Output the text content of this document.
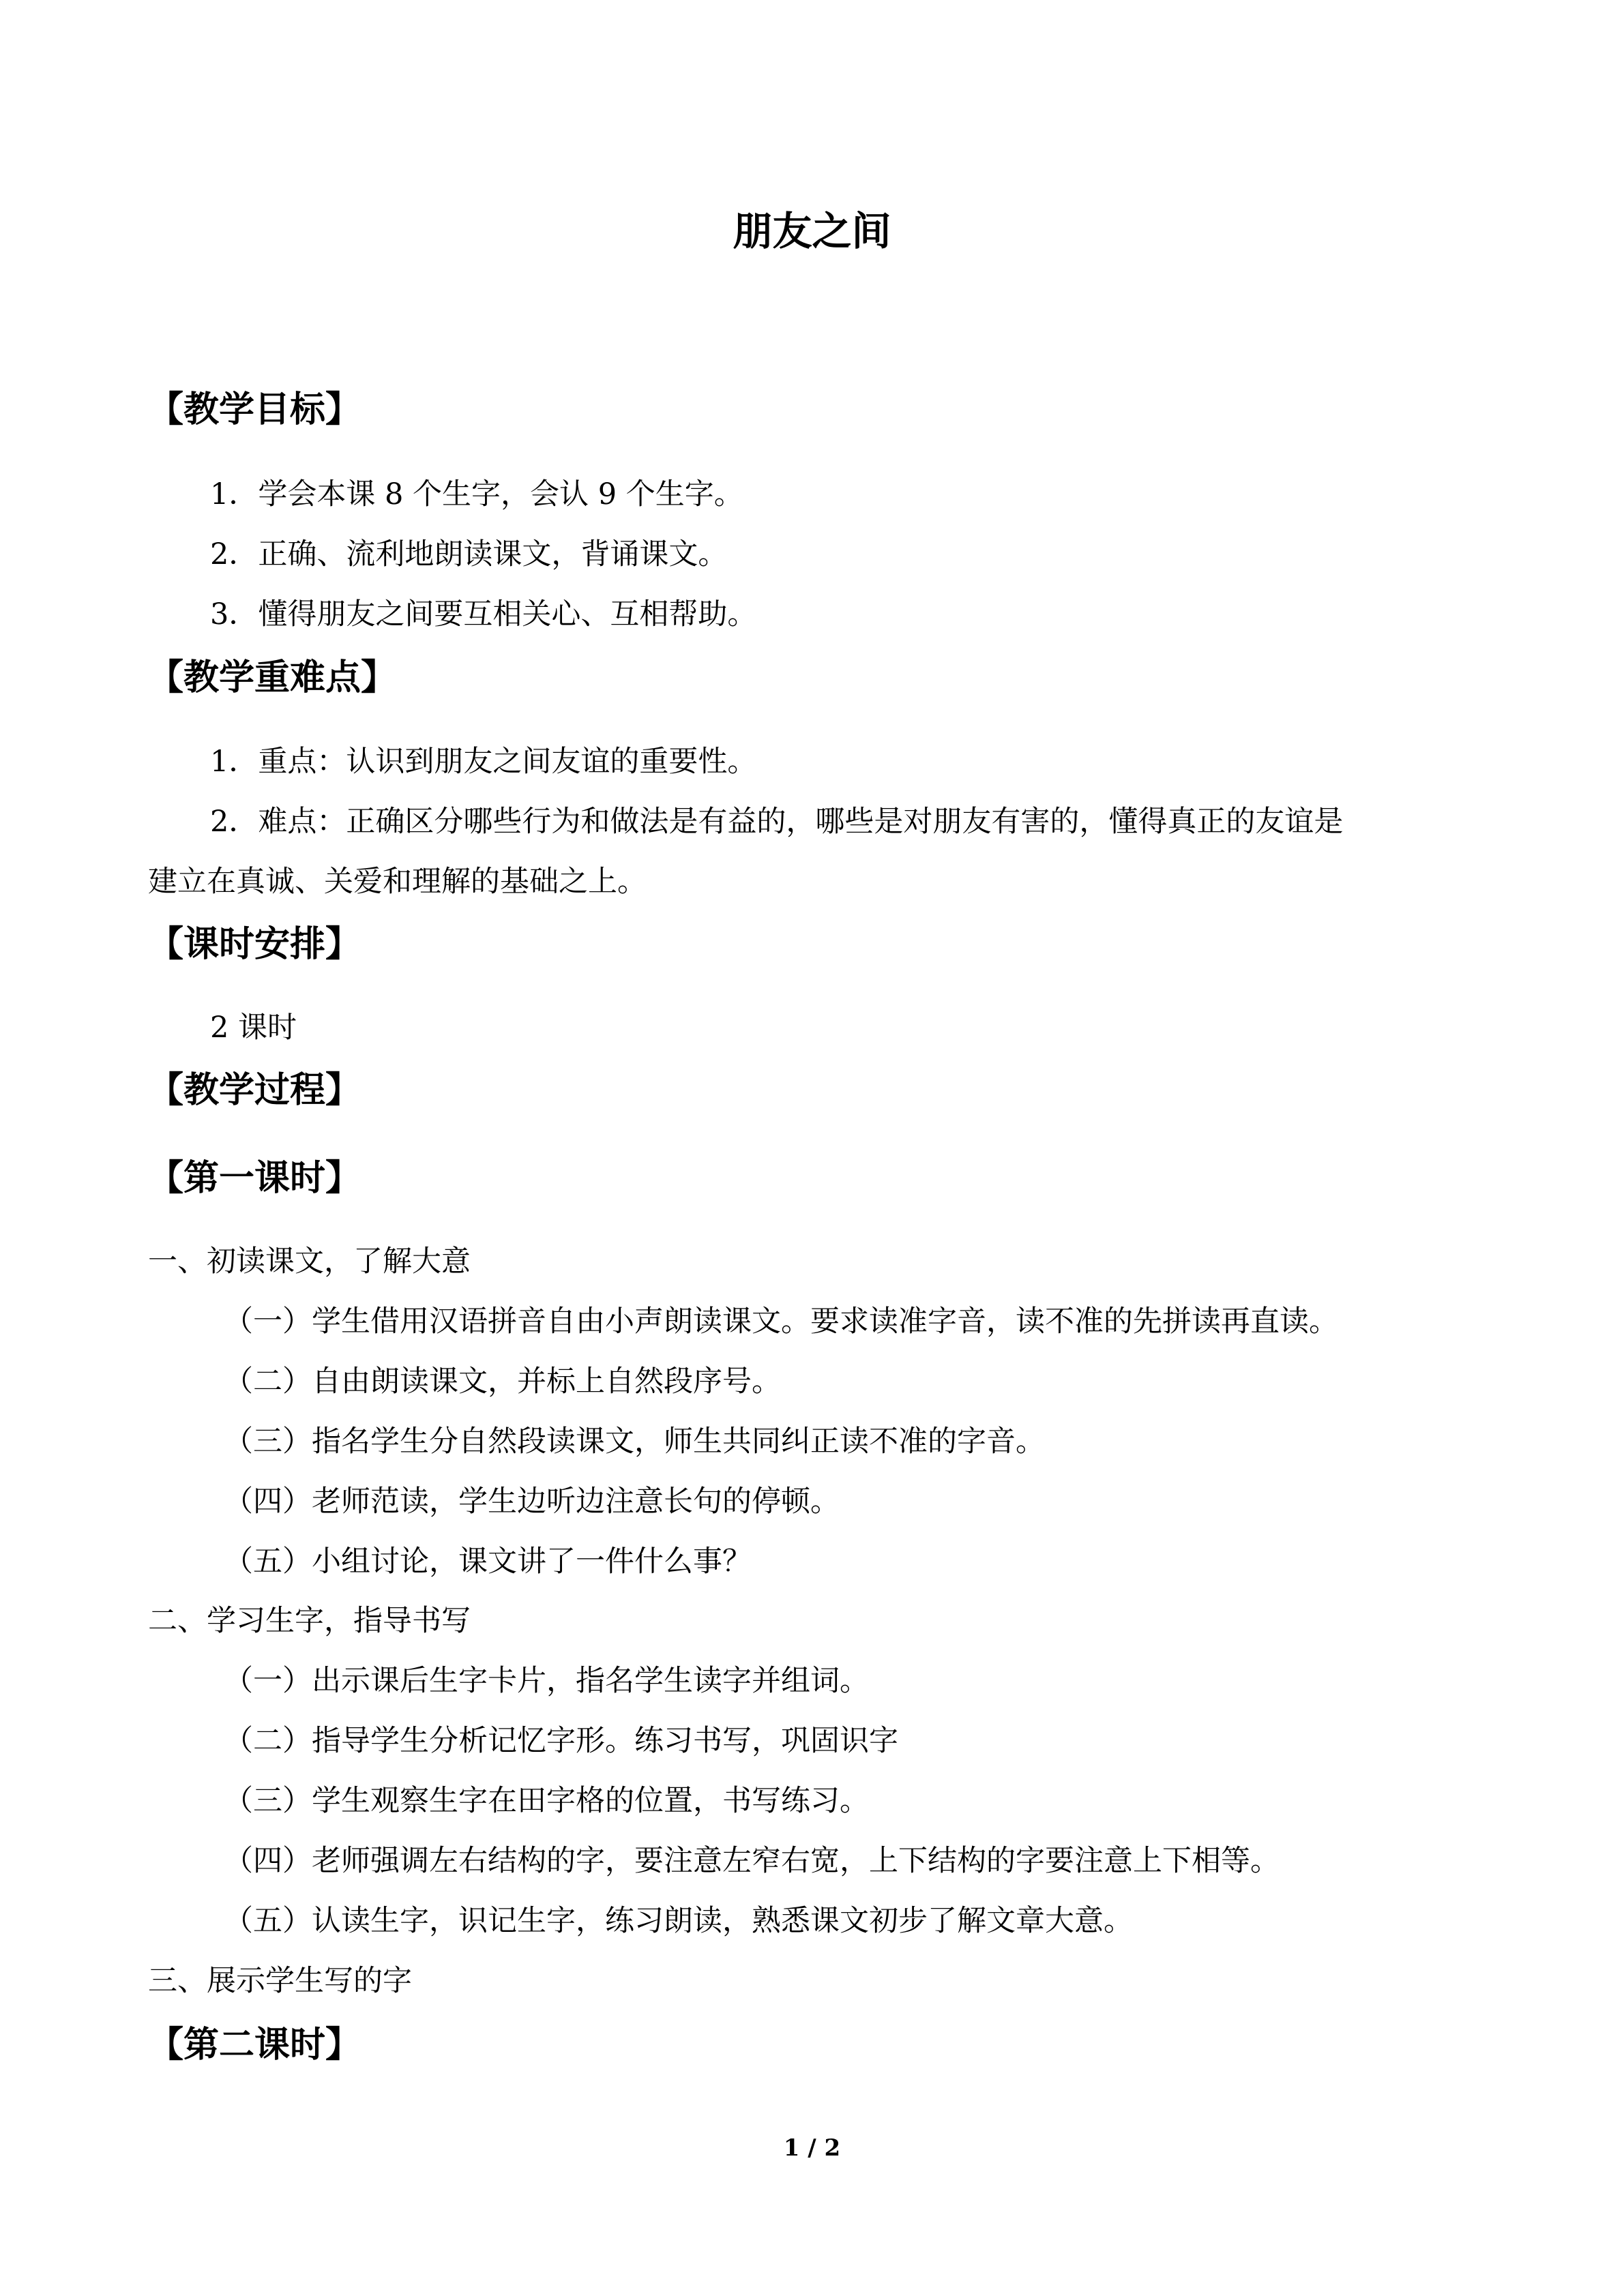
朋友之间
【教学目标】
1．学会本课 8 个生字，会认 9 个生字。
2．正确、流利地朗读课文，背诵课文。
3．懂得朋友之间要互相关心、互相帮助。
【教学重难点】
1．重点：认识到朋友之间友谊的重要性。
2．难点：正确区分哪些行为和做法是有益的，哪些是对朋友有害的，懂得真正的友谊是
建立在真诚、关爱和理解的基础之上。
【课时安排】
2 课时
【教学过程】
【第一课时】
一、初读课文，了解大意
（一）学生借用汉语拼音自由小声朗读课文。要求读准字音，读不准的先拼读再直读。
（二）自由朗读课文，并标上自然段序号。
（三）指名学生分自然段读课文，师生共同纠正读不准的字音。
（四）老师范读，学生边听边注意长句的停顿。
（五）小组讨论，课文讲了一件什么事？
二、学习生字，指导书写
（一）出示课后生字卡片，指名学生读字并组词。
（二）指导学生分析记忆字形。练习书写，巩固识字
（三）学生观察生字在田字格的位置，书写练习。
（四）老师强调左右结构的字，要注意左窄右宽，上下结构的字要注意上下相等。
（五）认读生字，识记生字，练习朗读，熟悉课文初步了解文章大意。
三、展示学生写的字
【第二课时】
1 / 2
